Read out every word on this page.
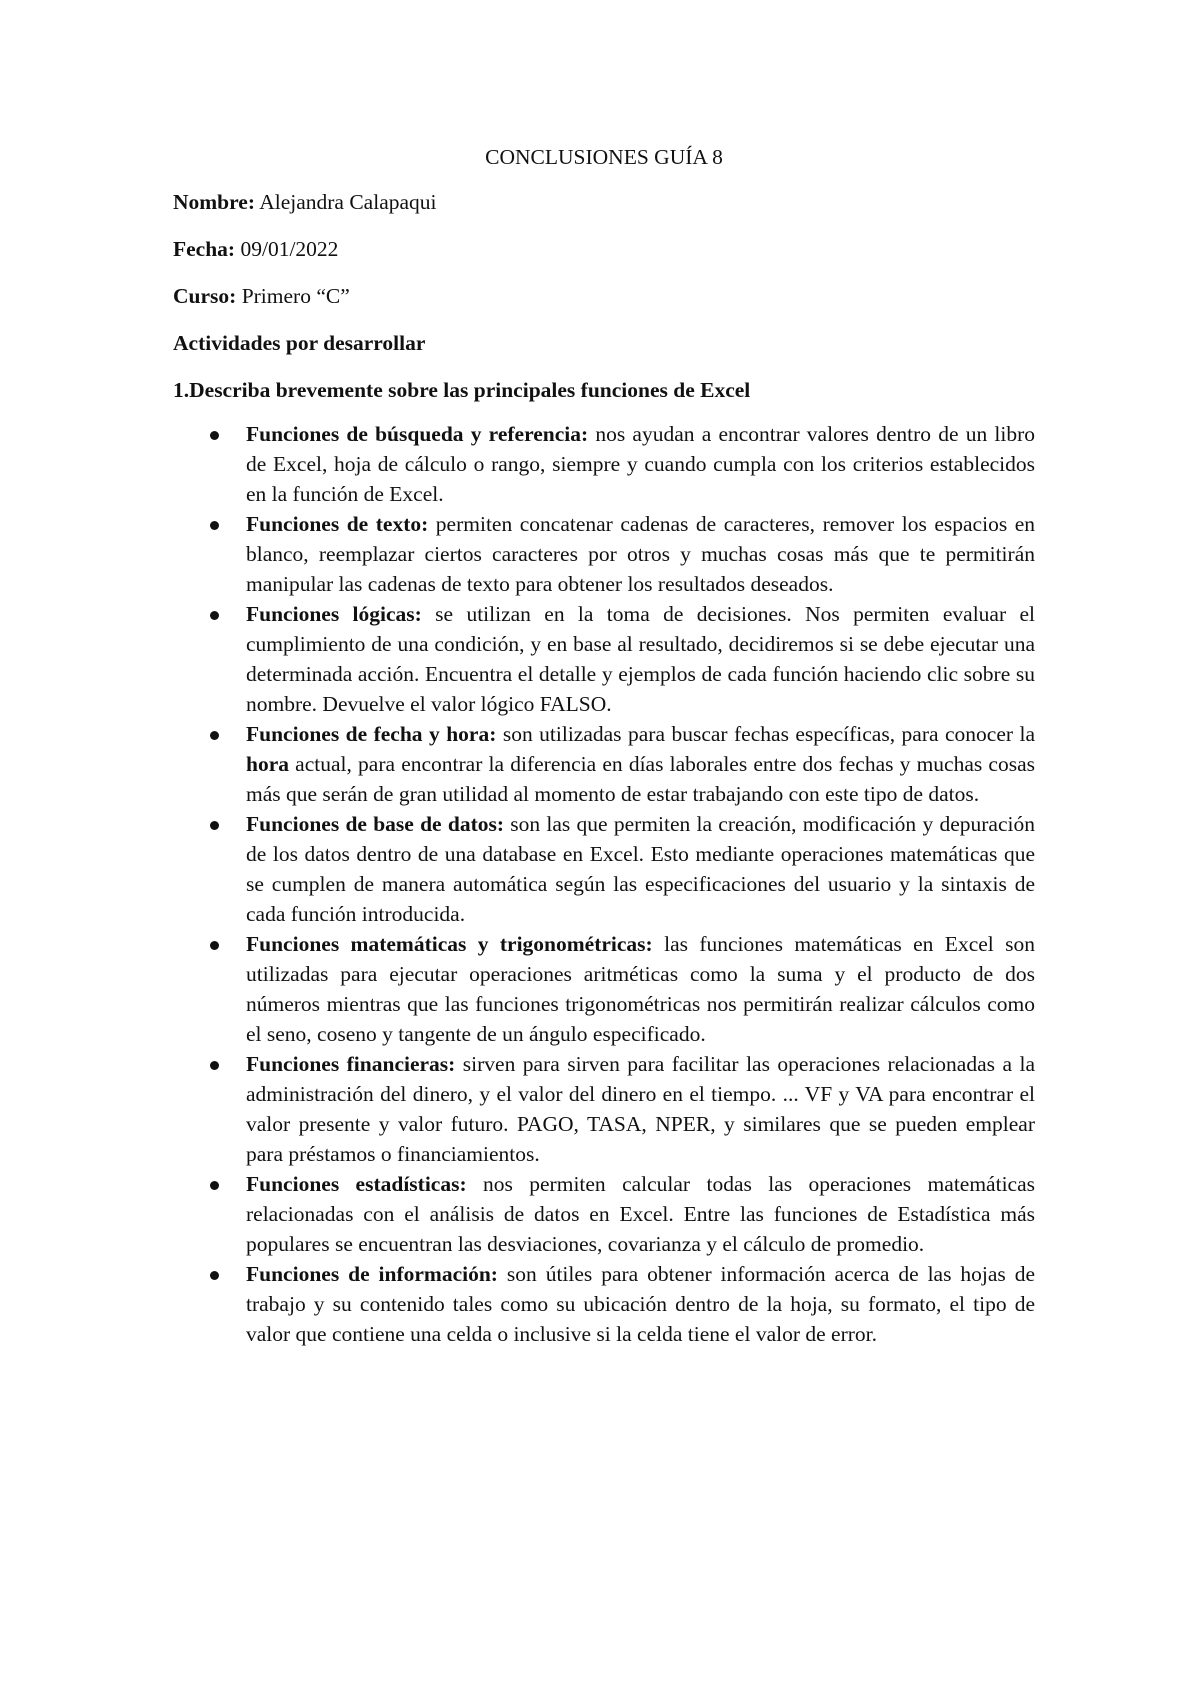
CONCLUSIONES GUÍA 8

Nombre: Alejandra Calapaqui

Fecha: 09/01/2022

Curso: Primero “C”

Actividades por desarrollar

1.Describa brevemente sobre las principales funciones de Excel

Funciones de búsqueda y referencia: nos ayudan a encontrar valores dentro de un libro de Excel, hoja de cálculo o rango, siempre y cuando cumpla con los criterios establecidos en la función de Excel.
Funciones de texto: permiten concatenar cadenas de caracteres, remover los espacios en blanco, reemplazar ciertos caracteres por otros y muchas cosas más que te permitirán manipular las cadenas de texto para obtener los resultados deseados.
Funciones lógicas: se utilizan en la toma de decisiones. Nos permiten evaluar el cumplimiento de una condición, y en base al resultado, decidiremos si se debe ejecutar una determinada acción. Encuentra el detalle y ejemplos de cada función haciendo clic sobre su nombre. Devuelve el valor lógico FALSO.
Funciones de fecha y hora: son utilizadas para buscar fechas específicas, para conocer la hora actual, para encontrar la diferencia en días laborales entre dos fechas y muchas cosas más que serán de gran utilidad al momento de estar trabajando con este tipo de datos.
Funciones de base de datos: son las que permiten la creación, modificación y depuración de los datos dentro de una database en Excel. Esto mediante operaciones matemáticas que se cumplen de manera automática según las especificaciones del usuario y la sintaxis de cada función introducida.
Funciones matemáticas y trigonométricas: las funciones matemáticas en Excel son utilizadas para ejecutar operaciones aritméticas como la suma y el producto de dos números mientras que las funciones trigonométricas nos permitirán realizar cálculos como el seno, coseno y tangente de un ángulo especificado.
Funciones financieras: sirven para sirven para facilitar las operaciones relacionadas a la administración del dinero, y el valor del dinero en el tiempo. ... VF y VA para encontrar el valor presente y valor futuro. PAGO, TASA, NPER, y similares que se pueden emplear para préstamos o financiamientos.
Funciones estadísticas: nos permiten calcular todas las operaciones matemáticas relacionadas con el análisis de datos en Excel. Entre las funciones de Estadística más populares se encuentran las desviaciones, covarianza y el cálculo de promedio.
Funciones de información: son útiles para obtener información acerca de las hojas de trabajo y su contenido tales como su ubicación dentro de la hoja, su formato, el tipo de valor que contiene una celda o inclusive si la celda tiene el valor de error.
